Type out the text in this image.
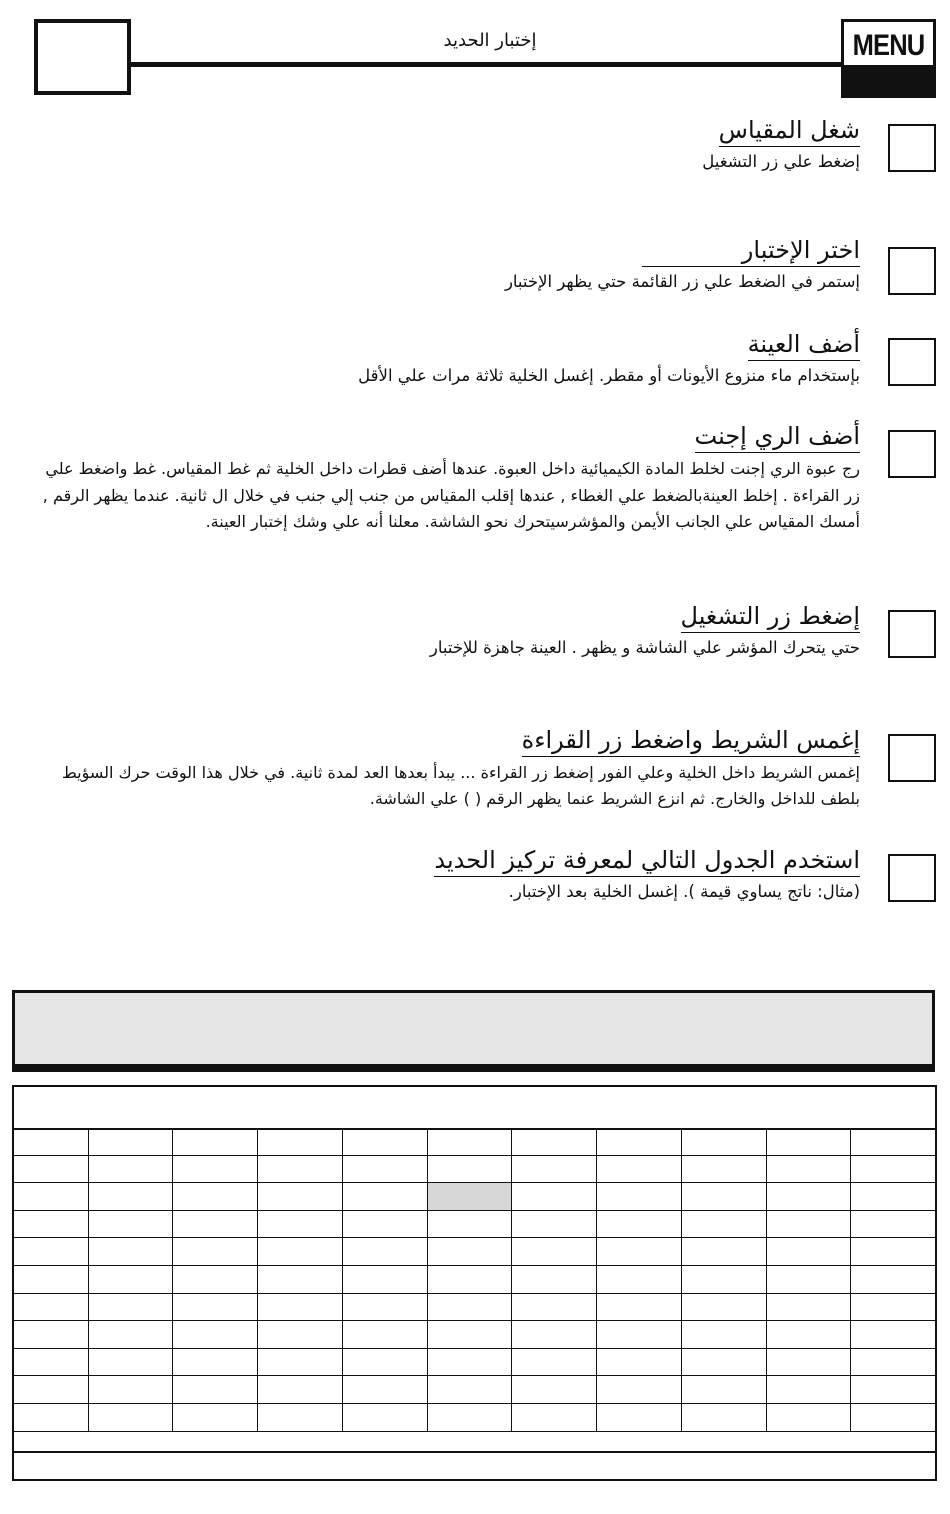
إختبار الحديد	MENU
شغل المقياس
إضغط علي زر التشغيل
اختر الإختبار
إستمر في الضغط علي زر القائمة حتي يظهر الإختبار
أضف العينة
بإستخدام ماء منزوع الأيونات أو مقطر. إغسل الخلية ثلاثة مرات علي الأقل
أضف الري إجنت
رج عبوة الري إجنت لخلط المادة الكيميائية داخل العبوة. عندها أضف قطرات داخل الخلية ثم غط المقياس. غط واضغط علي زر القراءة . إخلط العينةبالضغط علي الغطاء , عندها إقلب المقياس من جنب إلي جنب في خلال ال ثانية. عندما يظهر الرقم , أمسك المقياس علي الجانب الأيمن والمؤشرسيتحرك نحو الشاشة. معلنا أنه علي وشك إختبار العينة.
إضغط زر التشغيل
حتي يتحرك المؤشر علي الشاشة و يظهر . العينة جاهزة للإختبار
إغمس الشريط واضغط زر القراءة
إغمس الشريط داخل الخلية وعلي الفور إضغط زر القراءة ... يبدأ بعدها العد لمدة ثانية. في خلال هذا الوقت حرك السؤيط بلطف للداخل والخارج. ثم انزع الشريط عنما يظهر الرقم ( ) علي الشاشة.
استخدم الجدول التالي لمعرفة تركيز الحديد
(مثال: ناتج يساوي قيمة ). إغسل الخلية بعد الإختبار.
